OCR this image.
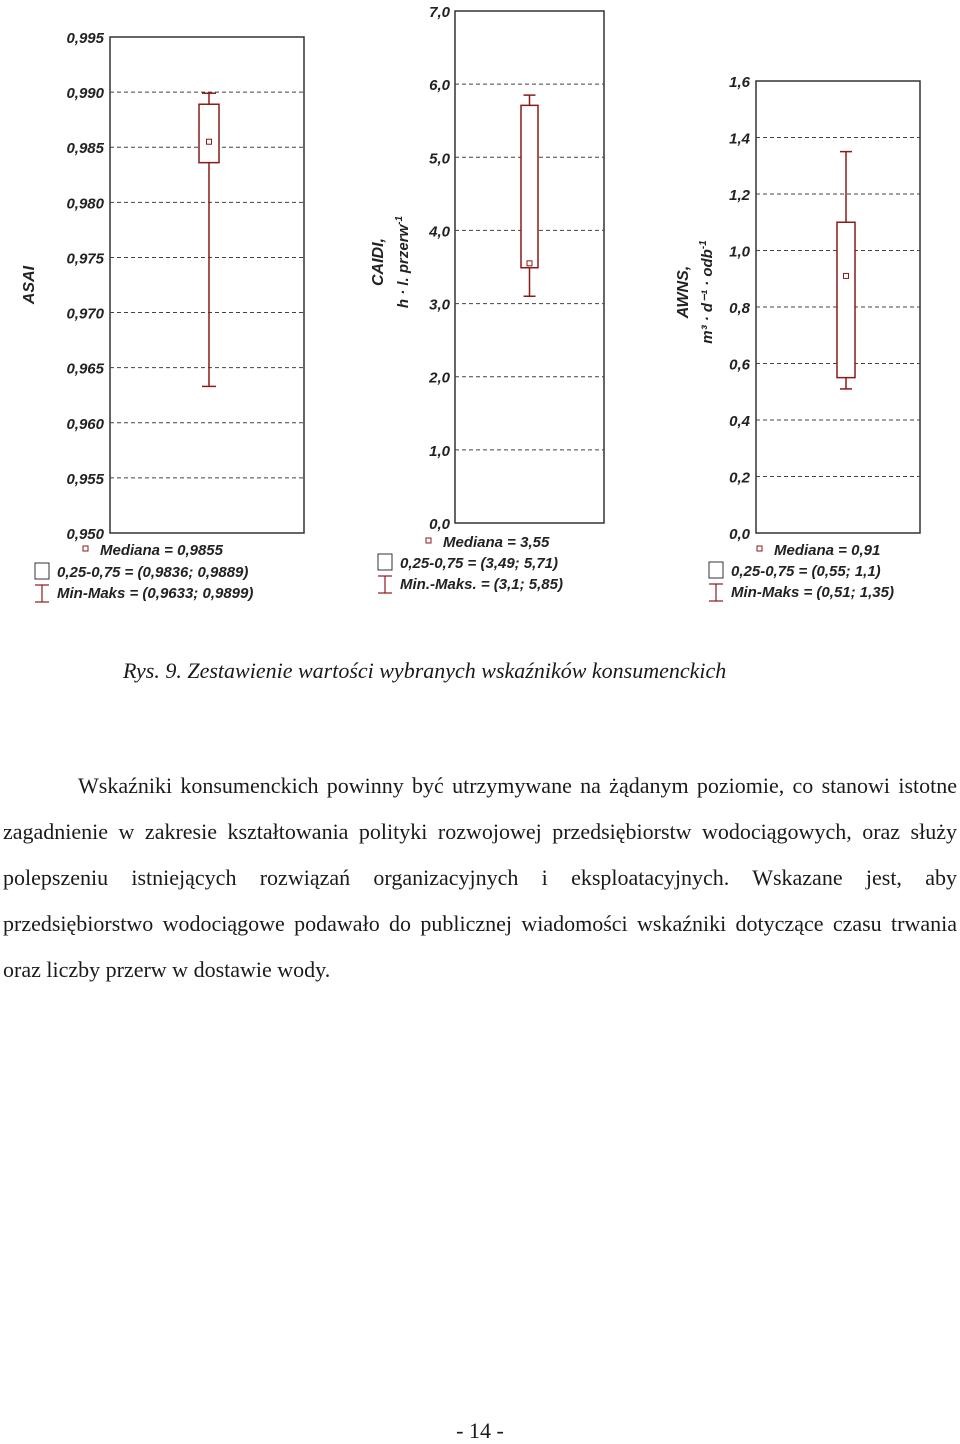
0,950
0,955
0,960
0,965
0,970
0,975
0,980
0,985
0,990
0,995
ASAI
Mediana = 0,9855
0,25-0,75 = (0,9836; 0,9889)
Min-Maks = (0,9633; 0,9899)
0,0
1,0
2,0
3,0
4,0
5,0
6,0
7,0
CAIDI, h · l. przerw$^{-1}$
Mediana = 3,55
0,25-0,75 = (3,49; 5,71)
Min.-Maks. = (3,1; 5,85)
0,0
0,2
0,4
0,6
0,8
1,0
1,2
1,4
1,6
AWNS, m³ · d⁻¹ · odb$^{-1}$
Mediana = 0,91
0,25-0,75 = (0,55; 1,1)
Min-Maks = (0,51; 1,35)
Rys. 9. Zestawienie wartości wybranych wskaźników konsumenckich

Wskaźniki konsumenckich powinny być utrzymywane na żądanym poziomie, co stanowi istotne zagadnienie w zakresie kształtowania polityki rozwojowej przedsiębiorstw wodociągowych, oraz służy polepszeniu istniejących rozwiązań organizacyjnych i eksploatacyjnych. Wskazane jest, aby przedsiębiorstwo wodociągowe podawało do publicznej wiadomości wskaźniki dotyczące czasu trwania oraz liczby przerw w dostawie wody.

- 14 -
